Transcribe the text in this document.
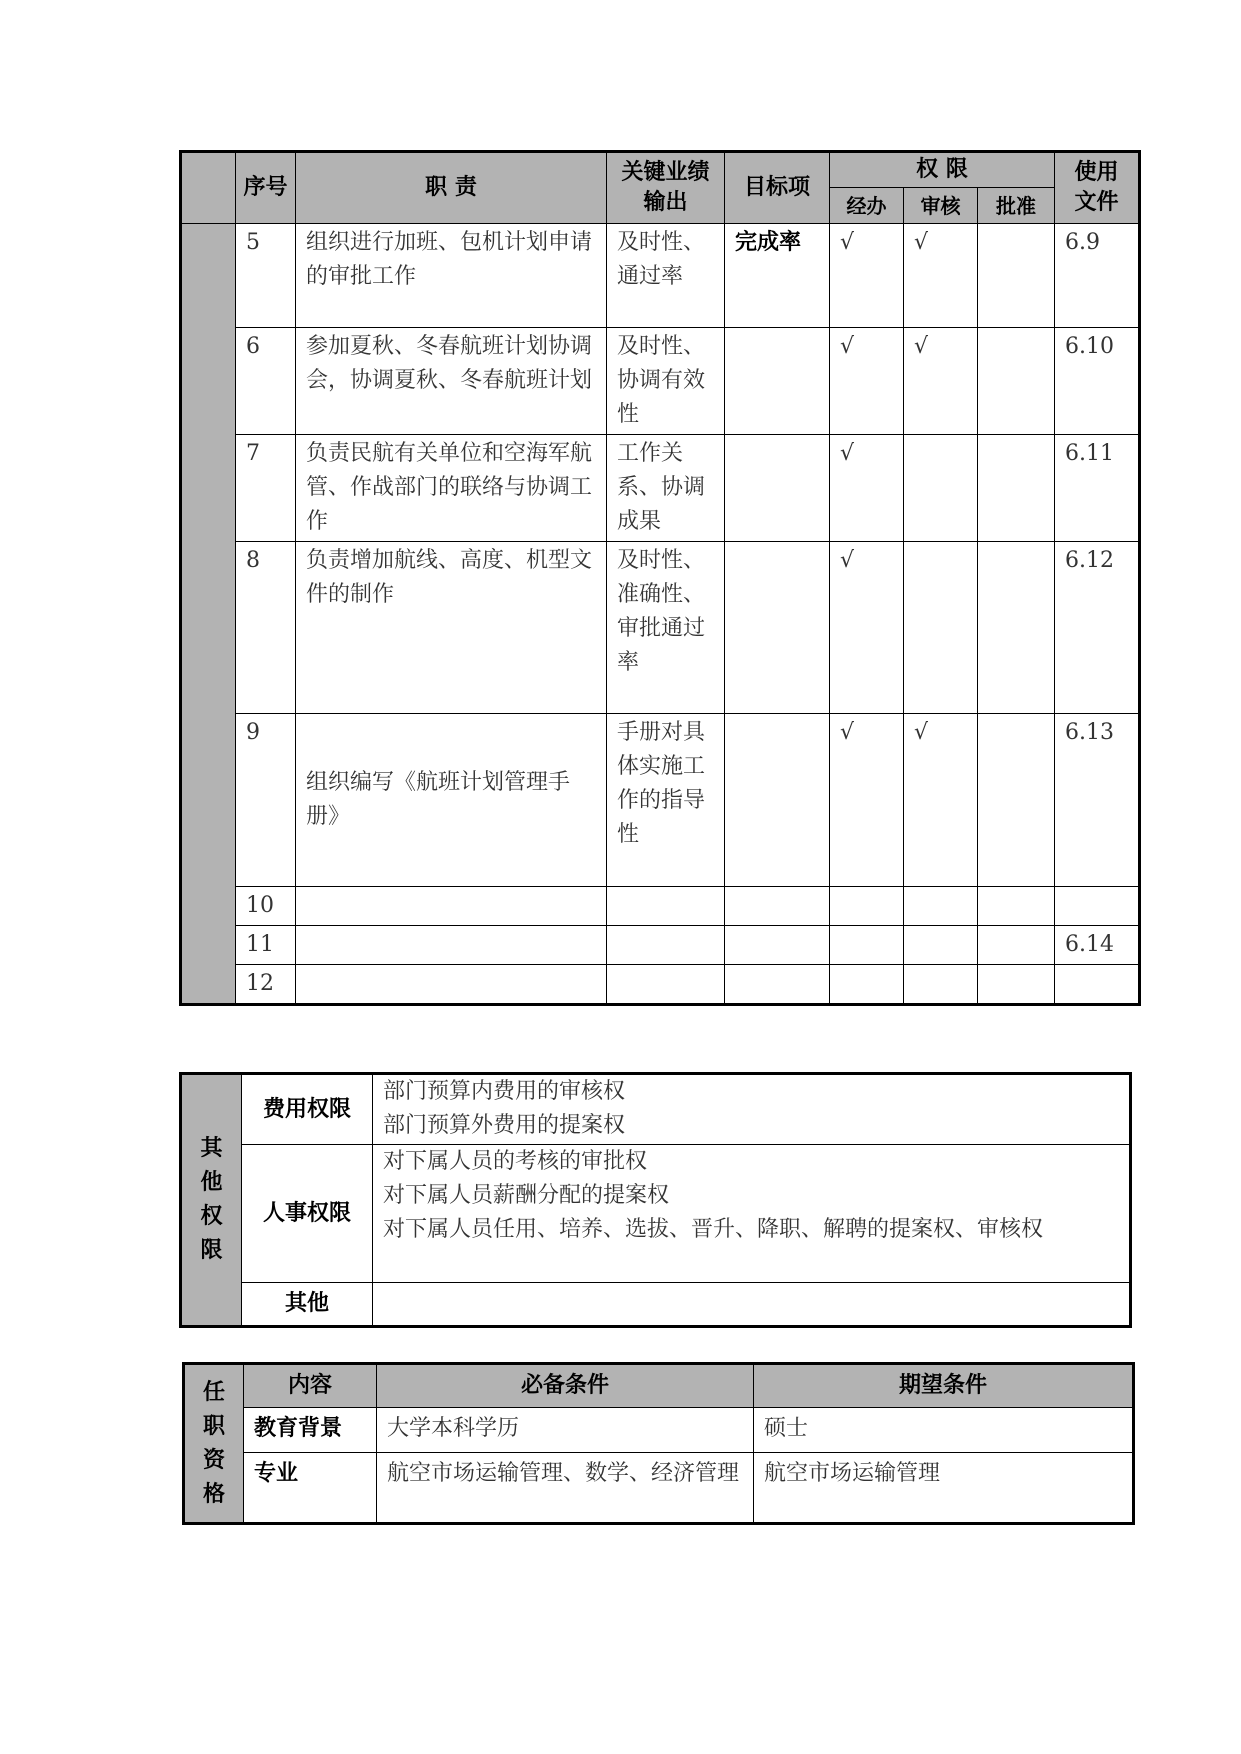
	序号	职 责	关键业绩输出	目标项	权 限			使用文件
					经办	审核	批准	
	5	组织进行加班、包机计划申请的审批工作	及时性、通过率	完成率	√	√		6.9
	6	参加夏秋、冬春航班计划协调会，协调夏秋、冬春航班计划	及时性、协调有效性		√	√		6.10
	7	负责民航有关单位和空海军航管、作战部门的联络与协调工作	工作关系、协调成果		√			6.11
	8	负责增加航线、高度、机型文件的制作	及时性、准确性、审批通过率		√			6.12
	9	组织编写《航班计划管理手册》	手册对具体实施工作的指导性		√	√		6.13
	10							
	11							6.14
	12							
其他权限	费用权限	部门预算内费用的审核权
部门预算外费用的提案权

	人事权限	对下属人员的考核的审批权
对下属人员薪酬分配的提案权
对下属人员任用、培养、选拔、晋升、降职、解聘的提案权、审核权

	其他	
任职资格	内容	必备条件	期望条件
	教育背景	大学本科学历	硕士
	专业	航空市场运输管理、数学、经济管理	航空市场运输管理
